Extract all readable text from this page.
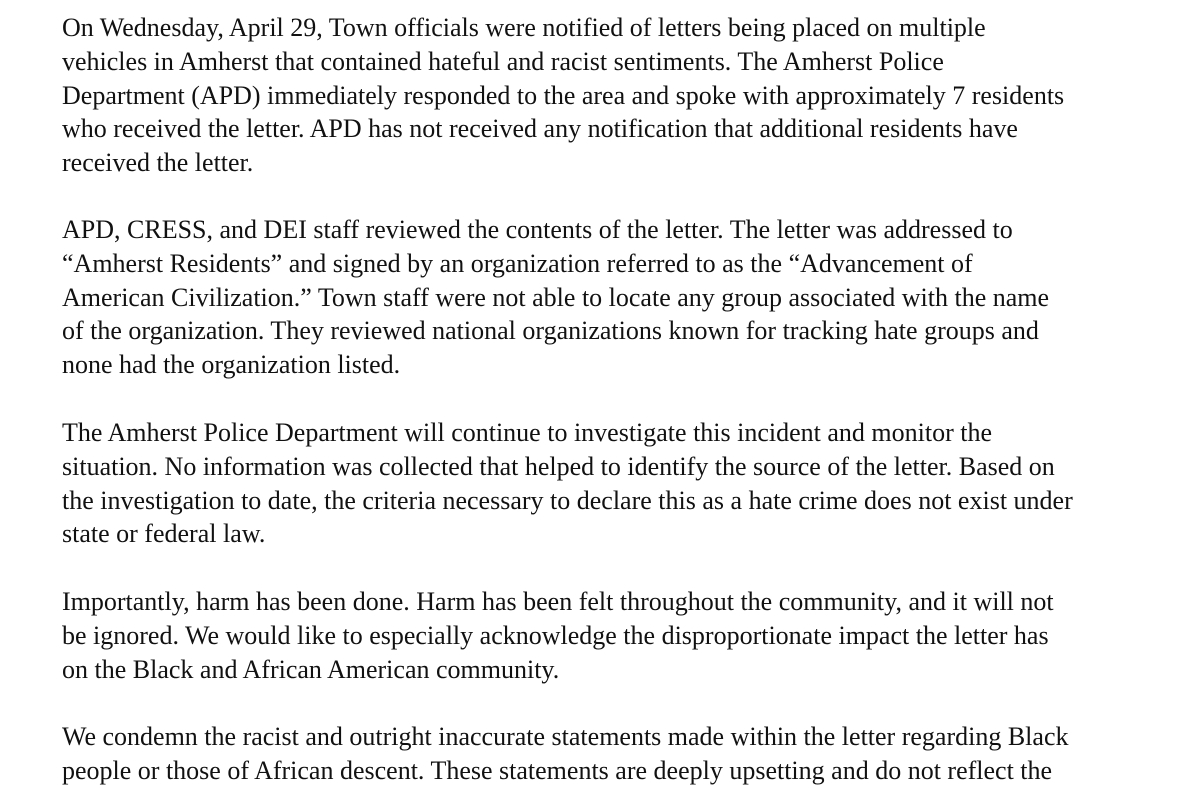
On Wednesday, April 29, Town officials were notified of letters being placed on multiple
vehicles in Amherst that contained hateful and racist sentiments. The Amherst Police
Department (APD) immediately responded to the area and spoke with approximately 7 residents
who received the letter. APD has not received any notification that additional residents have
received the letter.
APD, CRESS, and DEI staff reviewed the contents of the letter. The letter was addressed to
“Amherst Residents” and signed by an organization referred to as the “Advancement of
American Civilization.” Town staff were not able to locate any group associated with the name
of the organization. They reviewed national organizations known for tracking hate groups and
none had the organization listed.
The Amherst Police Department will continue to investigate this incident and monitor the
situation. No information was collected that helped to identify the source of the letter. Based on
the investigation to date, the criteria necessary to declare this as a hate crime does not exist under
state or federal law.
Importantly, harm has been done. Harm has been felt throughout the community, and it will not
be ignored. We would like to especially acknowledge the disproportionate impact the letter has
on the Black and African American community.
We condemn the racist and outright inaccurate statements made within the letter regarding Black
people or those of African descent. These statements are deeply upsetting and do not reflect the
